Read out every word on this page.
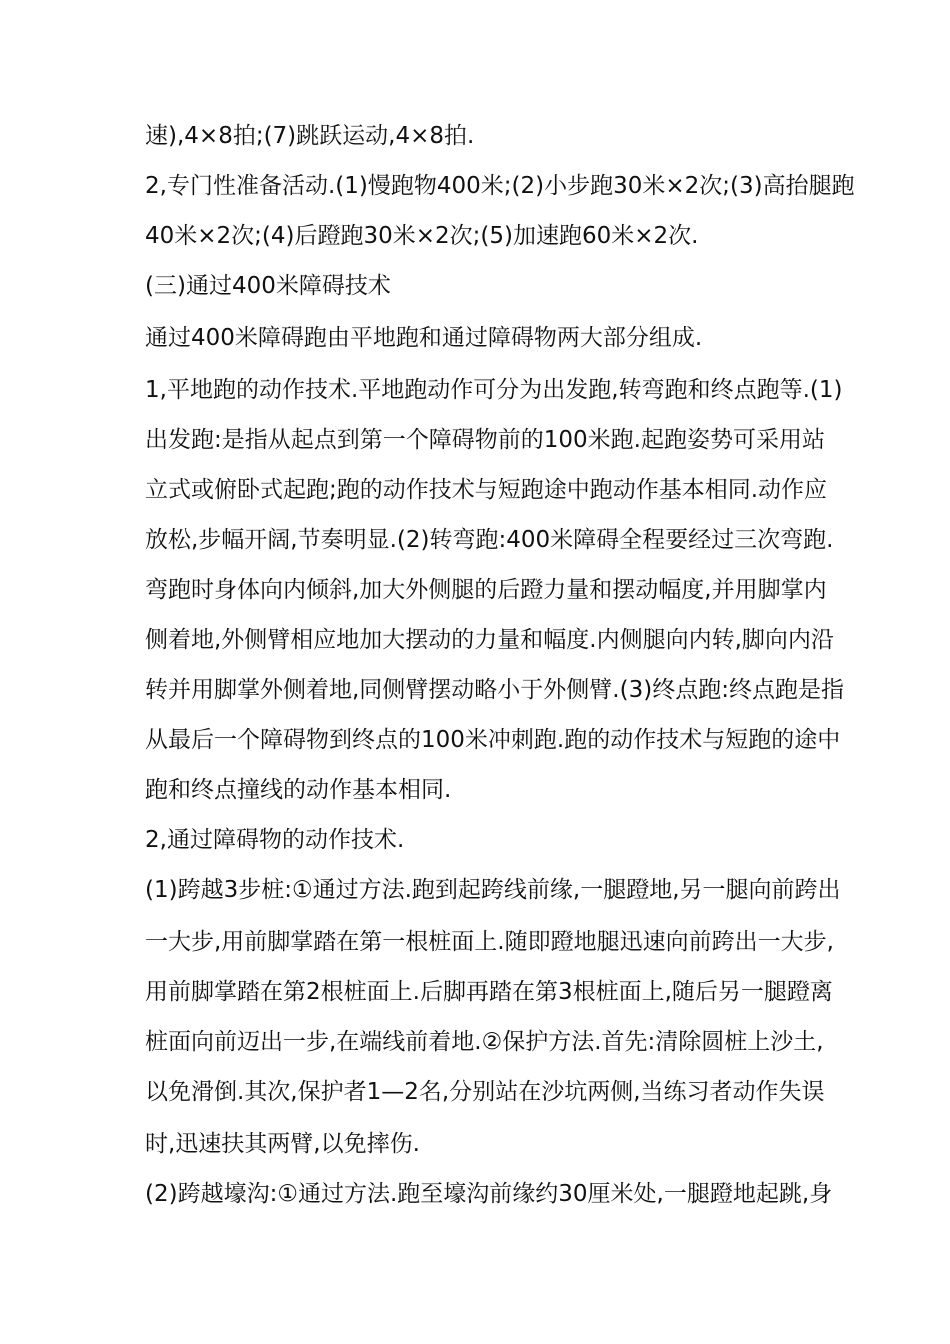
速),4×8拍;(7)跳跃运动,4×8拍.
2,专门性准备活动.(1)慢跑物400米;(2)小步跑30米×2次;(3)高抬腿跑
40米×2次;(4)后蹬跑30米×2次;(5)加速跑60米×2次.
(三)通过400米障碍技术
通过400米障碍跑由平地跑和通过障碍物两大部分组成.
1,平地跑的动作技术.平地跑动作可分为出发跑,转弯跑和终点跑等.(1)
出发跑:是指从起点到第一个障碍物前的100米跑.起跑姿势可采用站
立式或俯卧式起跑;跑的动作技术与短跑途中跑动作基本相同.动作应
放松,步幅开阔,节奏明显.(2)转弯跑:400米障碍全程要经过三次弯跑.
弯跑时身体向内倾斜,加大外侧腿的后蹬力量和摆动幅度,并用脚掌内
侧着地,外侧臂相应地加大摆动的力量和幅度.内侧腿向内转,脚向内沿
转并用脚掌外侧着地,同侧臂摆动略小于外侧臂.(3)终点跑:终点跑是指
从最后一个障碍物到终点的100米冲刺跑.跑的动作技术与短跑的途中
跑和终点撞线的动作基本相同.
2,通过障碍物的动作技术.
(1)跨越3步桩:①通过方法.跑到起跨线前缘,一腿蹬地,另一腿向前跨出
一大步,用前脚掌踏在第一根桩面上.随即蹬地腿迅速向前跨出一大步,
用前脚掌踏在第2根桩面上.后脚再踏在第3根桩面上,随后另一腿蹬离
桩面向前迈出一步,在端线前着地.②保护方法.首先:清除圆桩上沙土,
以免滑倒.其次,保护者1—2名,分别站在沙坑两侧,当练习者动作失误
时,迅速扶其两臂,以免摔伤.
(2)跨越壕沟:①通过方法.跑至壕沟前缘约30厘米处,一腿蹬地起跳,身
